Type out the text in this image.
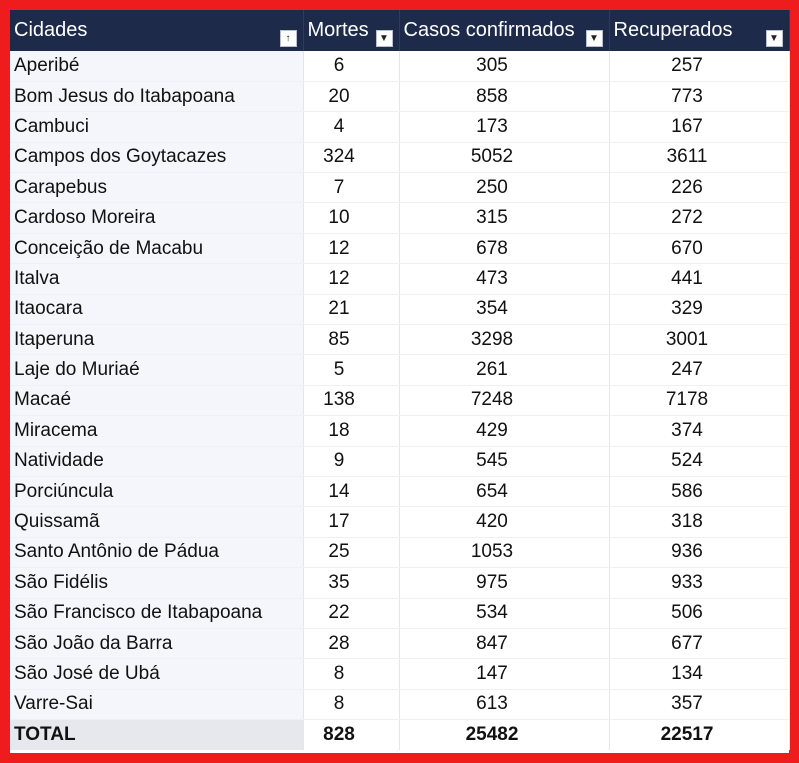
Cidades ↑	Mortes ▼	Casos confirmados ▼	Recuperados ▼

Aperibé	6	305	257
Bom Jesus do Itabapoana	20	858	773
Cambuci	4	173	167
Campos dos Goytacazes	324	5052	3611
Carapebus	7	250	226
Cardoso Moreira	10	315	272
Conceição de Macabu	12	678	670
Italva	12	473	441
Itaocara	21	354	329
Itaperuna	85	3298	3001
Laje do Muriaé	5	261	247
Macaé	138	7248	7178
Miracema	18	429	374
Natividade	9	545	524
Porciúncula	14	654	586
Quissamã	17	420	318
Santo Antônio de Pádua	25	1053	936
São Fidélis	35	975	933
São Francisco de Itabapoana	22	534	506
São João da Barra	28	847	677
São José de Ubá	8	147	134
Varre-Sai	8	613	357
TOTAL	828	25482	22517
